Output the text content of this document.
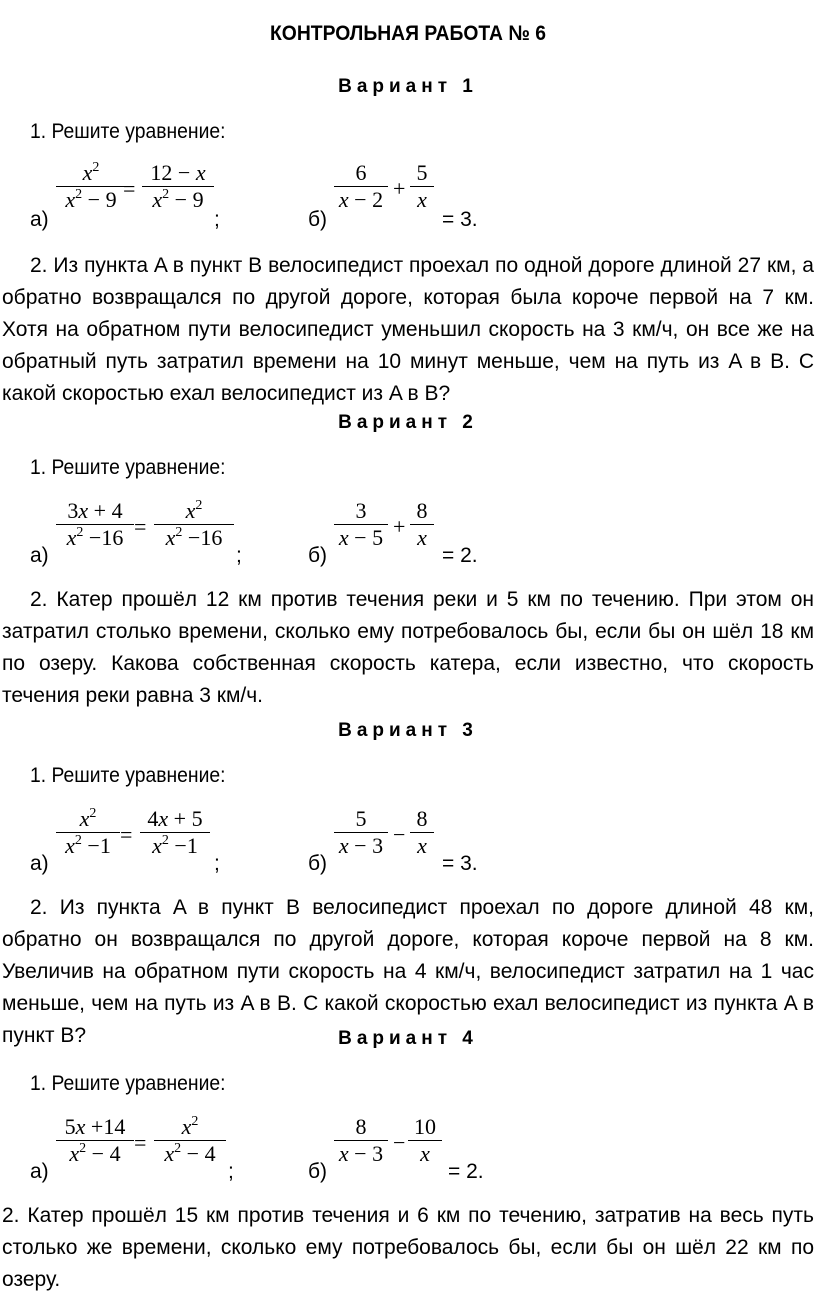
КОНТРОЛЬНАЯ РАБОТА № 6
Вариант 1
1. Решите уравнение:
а)
$x^2$
$x^2 - 9$ =
12 − x
$x^2 - 9$
;	б)
6
x − 2 +
5
x
= 3.
2. Из пункта A в пункт B велосипедист проехал по одной дороге длиной 27 км, а обратно возвращался по другой дороге, которая была короче первой на 7 км. Хотя на обратном пути велосипедист уменьшил скорость на 3 км/ч, он все же на обратный путь затратил времени на 10 минут меньше, чем на путь из A в B. С какой скоростью ехал велосипедист из A в B?
Вариант 2
1. Решите уравнение:
а)
3x + 4
$x^2 -16$ =
$x^2$
$x^2 -16$
;	б)
3
x − 5 +
8
x
= 2.
2. Катер прошёл 12 км против течения реки и 5 км по течению. При этом он затратил столько времени, сколько ему потребовалось бы, если бы он шёл 18 км по озеру. Какова собственная скорость катера, если известно, что скорость течения реки равна 3 км/ч.
Вариант 3
1. Решите уравнение:
а)
$x^2$
$x^2 -1$ =
4x + 5
$x^2 -1$
;	б)
5
x − 3 −
8
x
= 3.
2. Из пункта A в пункт B велосипедист проехал по дороге длиной 48 км, обратно он возвращался по другой дороге, которая короче первой на 8 км. Увеличив на обратном пути скорость на 4 км/ч, велосипедист затратил на 1 час меньше, чем на путь из A в B. С какой скоростью ехал велосипедист из пункта A в пункт B?	Вариант 4
1. Решите уравнение:
а)
5x +14
$x^2 - 4$ =
$x^2$
$x^2 - 4$
;	б)
8
x − 3 −
10
x
= 2.
2. Катер прошёл 15 км против течения и 6 км по течению, затратив на весь путь столько же времени, сколько ему потребовалось бы, если бы он шёл 22 км по озеру.
